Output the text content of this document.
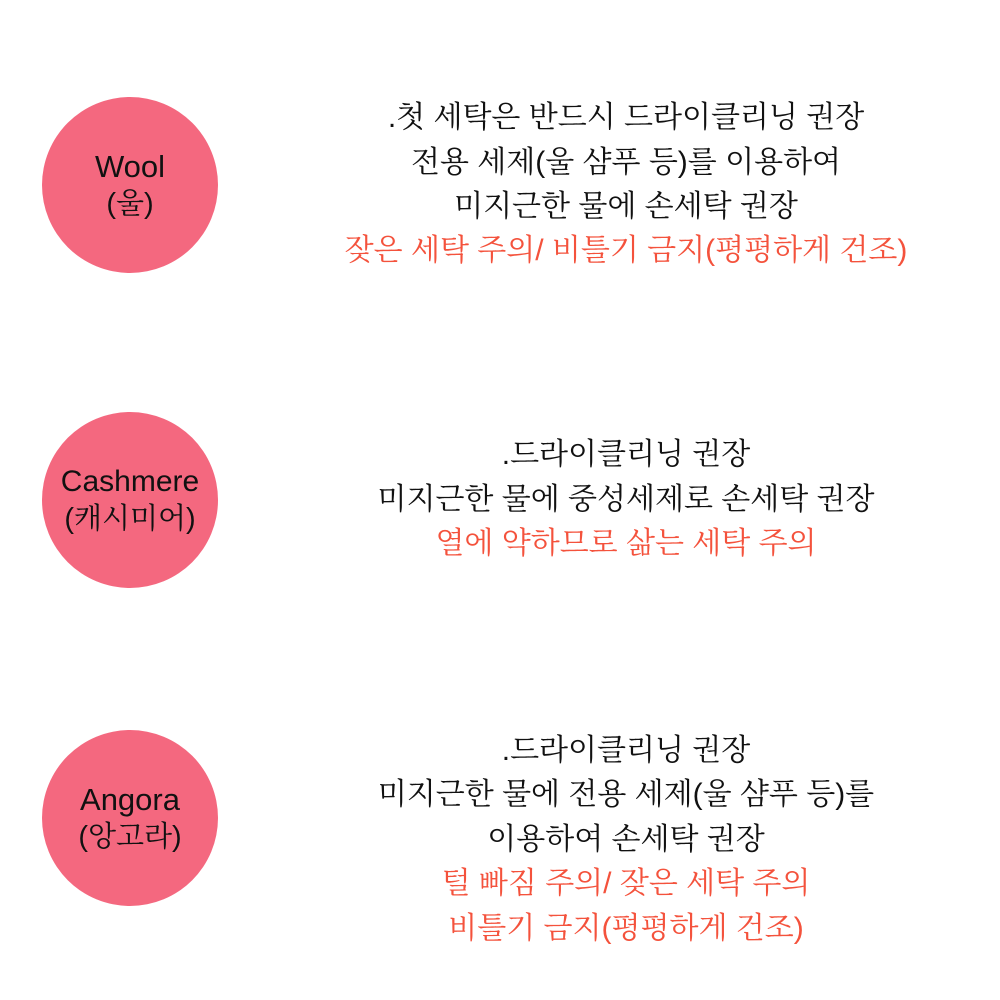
Wool
(울)
.첫 세탁은 반드시 드라이클리닝 권장
전용 세제(울 샴푸 등)를 이용하여
미지근한 물에 손세탁 권장
잦은 세탁 주의/ 비틀기 금지(평평하게 건조)
Cashmere
(캐시미어)
.드라이클리닝 권장
미지근한 물에 중성세제로 손세탁 권장
열에 약하므로 삶는 세탁 주의
Angora
(앙고라)
.드라이클리닝 권장
미지근한 물에 전용 세제(울 샴푸 등)를
이용하여 손세탁 권장
털 빠짐 주의/ 잦은 세탁 주의
비틀기 금지(평평하게 건조)
